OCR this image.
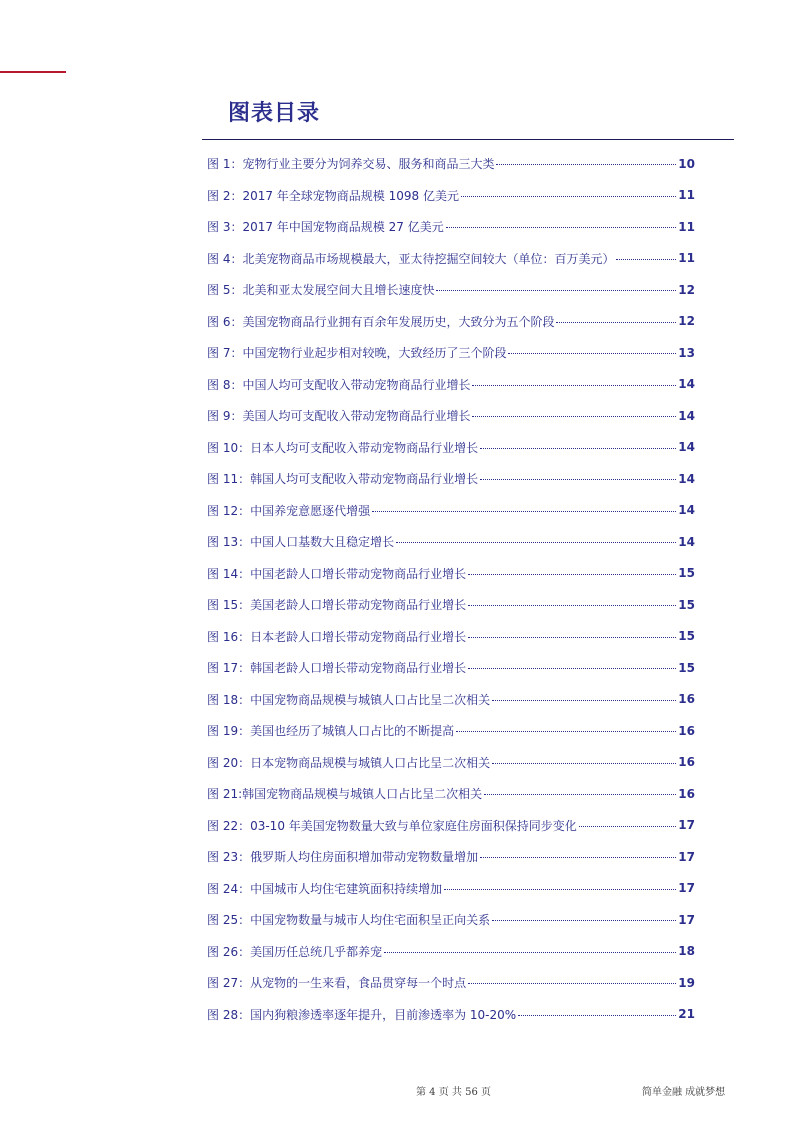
图表目录
图 1：宠物行业主要分为饲养交易、服务和商品三大类	10
图 2：2017 年全球宠物商品规模 1098 亿美元	11
图 3：2017 年中国宠物商品规模 27 亿美元	11
图 4：北美宠物商品市场规模最大，亚太待挖掘空间较大（单位：百万美元）	11
图 5：北美和亚太发展空间大且增长速度快	12
图 6：美国宠物商品行业拥有百余年发展历史，大致分为五个阶段	12
图 7：中国宠物行业起步相对较晚，大致经历了三个阶段	13
图 8：中国人均可支配收入带动宠物商品行业增长	14
图 9：美国人均可支配收入带动宠物商品行业增长	14
图 10：日本人均可支配收入带动宠物商品行业增长	14
图 11：韩国人均可支配收入带动宠物商品行业增长	14
图 12：中国养宠意愿逐代增强	14
图 13：中国人口基数大且稳定增长	14
图 14：中国老龄人口增长带动宠物商品行业增长	15
图 15：美国老龄人口增长带动宠物商品行业增长	15
图 16：日本老龄人口增长带动宠物商品行业增长	15
图 17：韩国老龄人口增长带动宠物商品行业增长	15
图 18：中国宠物商品规模与城镇人口占比呈二次相关	16
图 19：美国也经历了城镇人口占比的不断提高	16
图 20：日本宠物商品规模与城镇人口占比呈二次相关	16
图 21:韩国宠物商品规模与城镇人口占比呈二次相关	16
图 22：03-10 年美国宠物数量大致与单位家庭住房面积保持同步变化	17
图 23：俄罗斯人均住房面积增加带动宠物数量增加	17
图 24：中国城市人均住宅建筑面积持续增加	17
图 25：中国宠物数量与城市人均住宅面积呈正向关系	17
图 26：美国历任总统几乎都养宠	18
图 27：从宠物的一生来看，食品贯穿每一个时点	19
图 28：国内狗粮渗透率逐年提升，目前渗透率为 10-20%	21
第 4 页 共 56 页	简单金融 成就梦想
